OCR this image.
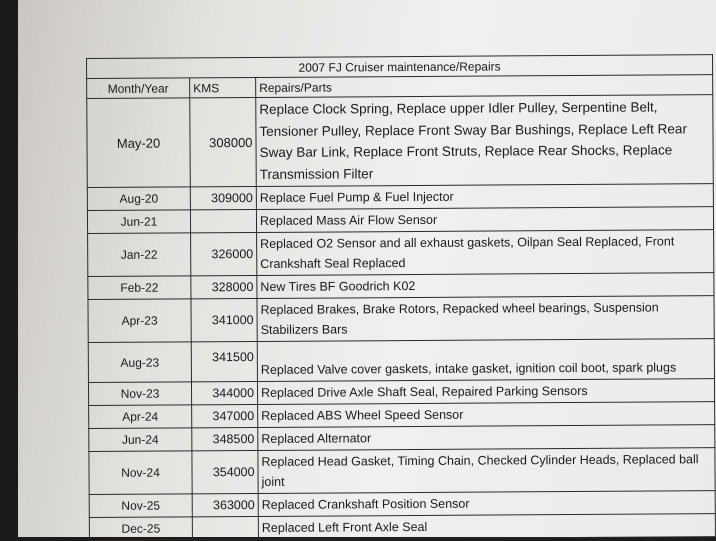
2007 FJ Cruiser maintenance/Repairs		
Month/Year	KMS	Repairs/Parts
May-20	308000	Replace Clock Spring, Replace upper Idler Pulley, Serpentine Belt, Tensioner Pulley, Replace Front Sway Bar Bushings, Replace Left Rear Sway Bar Link, Replace Front Struts, Replace Rear Shocks, Replace Transmission Filter
Aug-20	309000	Replace Fuel Pump & Fuel Injector
Jun-21		Replaced Mass Air Flow Sensor
Jan-22	326000	Replaced O2 Sensor and all exhaust gaskets, Oilpan Seal Replaced, Front Crankshaft Seal Replaced
Feb-22	328000	New Tires BF Goodrich K02
Apr-23	341000	Replaced Brakes, Brake Rotors, Repacked wheel bearings, Suspension Stabilizers Bars
Aug-23	341500	Replaced Valve cover gaskets, intake gasket, ignition coil boot, spark plugs
Nov-23	344000	Replaced Drive Axle Shaft Seal, Repaired Parking Sensors
Apr-24	347000	Replaced ABS Wheel Speed Sensor
Jun-24	348500	Replaced Alternator
Nov-24	354000	Replaced Head Gasket, Timing Chain, Checked Cylinder Heads, Replaced ball joint
Nov-25	363000	Replaced Crankshaft Position Sensor
Dec-25		Replaced Left Front Axle Seal
